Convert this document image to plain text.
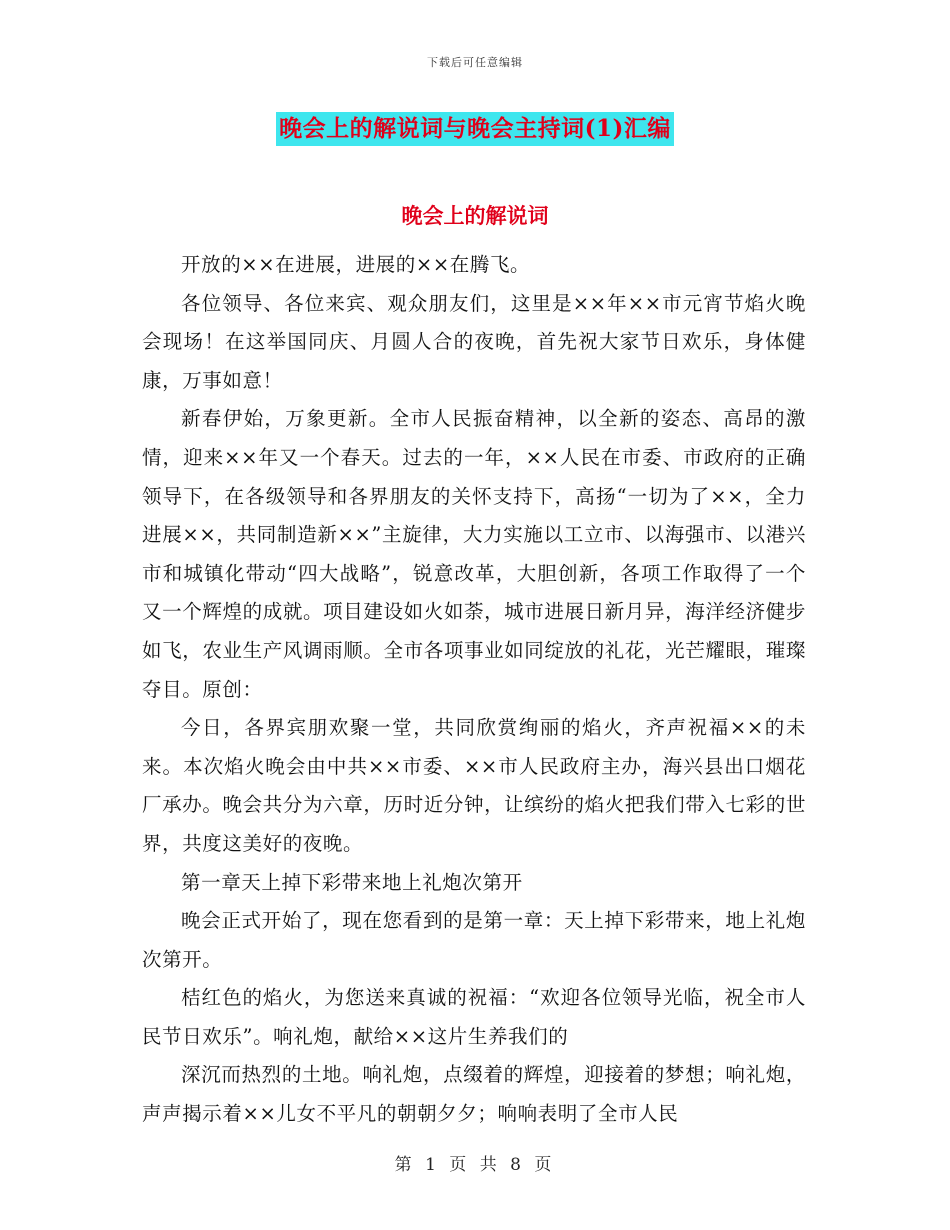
下载后可任意编辑
晚会上的解说词与晚会主持词(1)汇编
晚会上的解说词

开放的××在进展，进展的××在腾飞。

各位领导、各位来宾、观众朋友们，这里是××年××市元宵节焰火晚会现场！在这举国同庆、月圆人合的夜晚，首先祝大家节日欢乐，身体健康，万事如意！

新春伊始，万象更新。全市人民振奋精神，以全新的姿态、高昂的激情，迎来××年又一个春天。过去的一年，××人民在市委、市政府的正确领导下，在各级领导和各界朋友的关怀支持下，高扬“一切为了××，全力进展××，共同制造新××”主旋律，大力实施以工立市、以海强市、以港兴市和城镇化带动“四大战略”，锐意改革，大胆创新，各项工作取得了一个又一个辉煌的成就。项目建设如火如荼，城市进展日新月异，海洋经济健步如飞，农业生产风调雨顺。全市各项事业如同绽放的礼花，光芒耀眼，璀璨夺目。原创：

今日，各界宾朋欢聚一堂，共同欣赏绚丽的焰火，齐声祝福××的未来。本次焰火晚会由中共××市委、××市人民政府主办，海兴县出口烟花厂承办。晚会共分为六章，历时近分钟，让缤纷的焰火把我们带入七彩的世界，共度这美好的夜晚。

第一章天上掉下彩带来地上礼炮次第开

晚会正式开始了，现在您看到的是第一章：天上掉下彩带来，地上礼炮次第开。

桔红色的焰火，为您送来真诚的祝福：“欢迎各位领导光临，祝全市人民节日欢乐”。响礼炮，献给××这片生养我们的

深沉而热烈的土地。响礼炮，点缀着的辉煌，迎接着的梦想；响礼炮，声声揭示着××儿女不平凡的朝朝夕夕；响响表明了全市人民

第 1 页 共 8 页
